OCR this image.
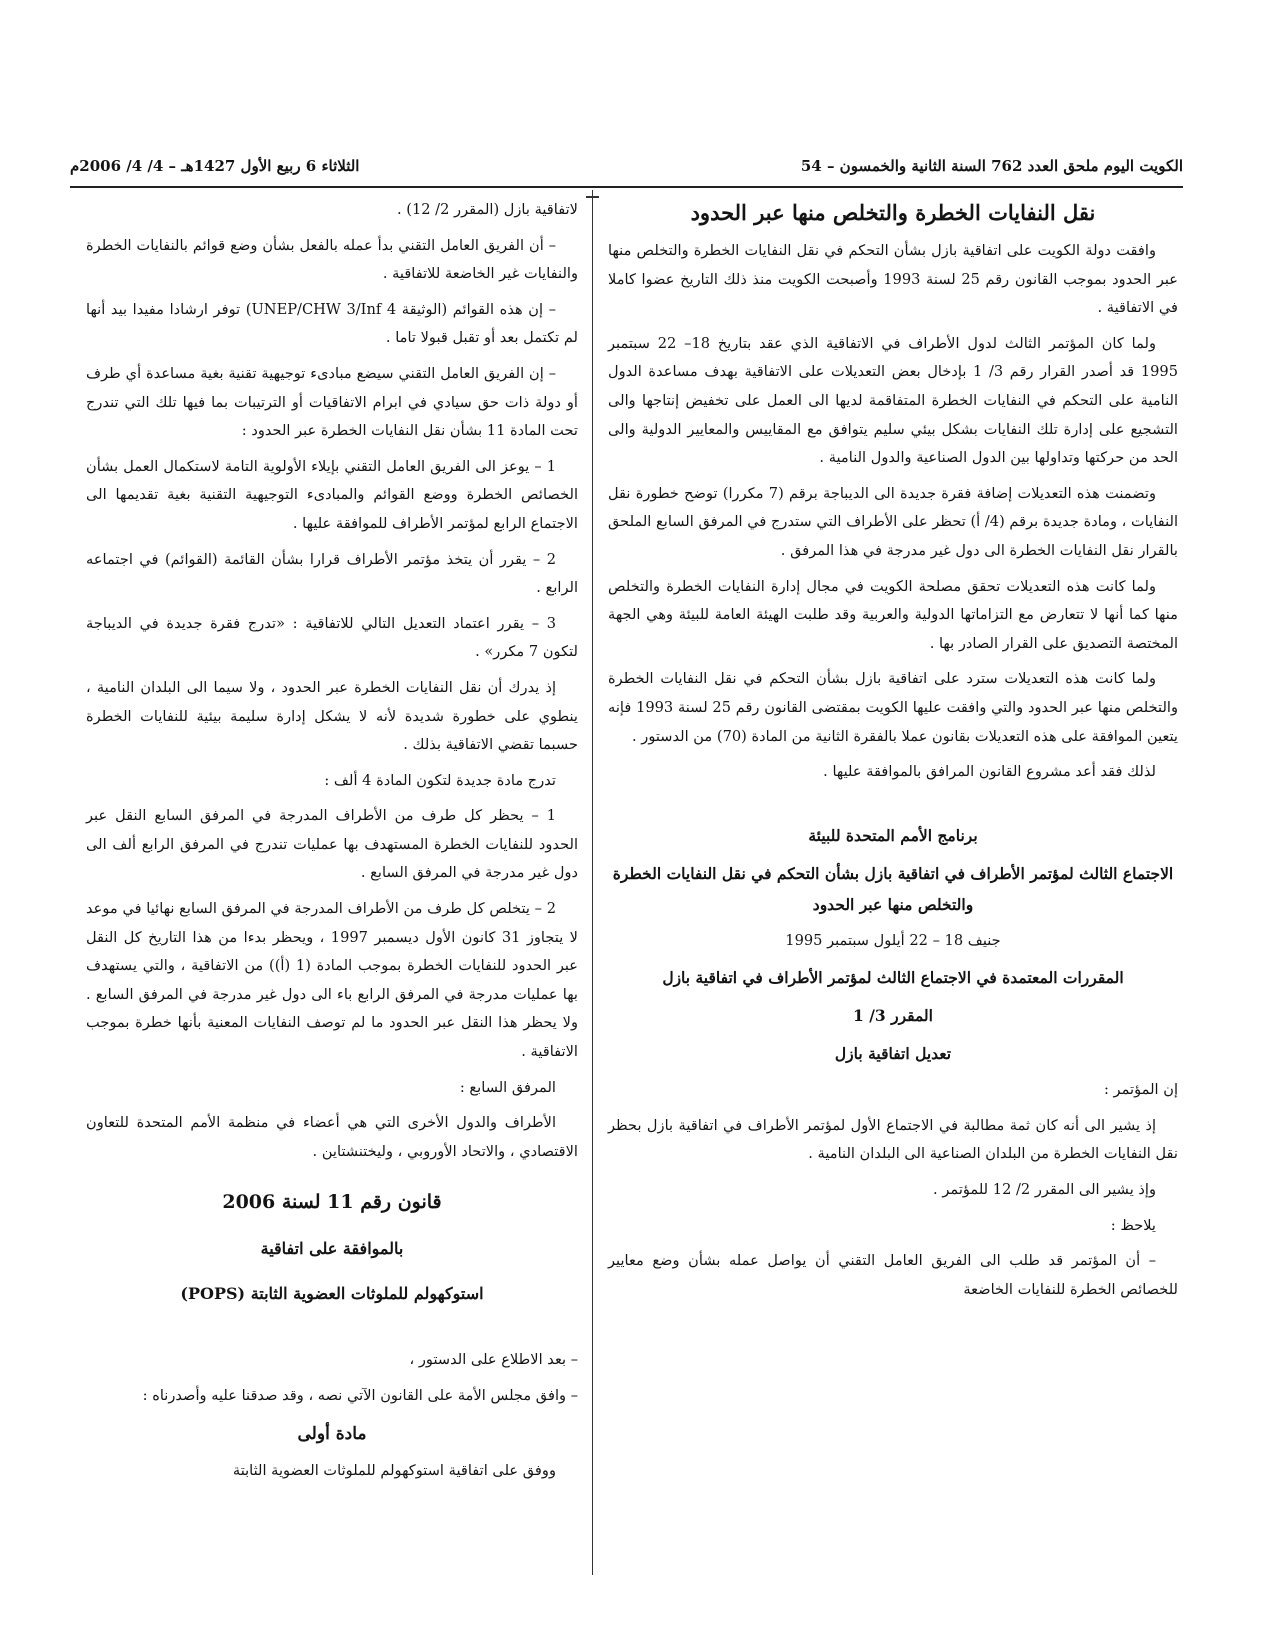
الكويت اليوم ملحق العدد 762 السنة الثانية والخمسون – 54
الثلاثاء 6 ربيع الأول 1427هـ – 4/ 4/ 2006م

نقل النفايات الخطرة والتخلص منها عبر الحدود

وافقت دولة الكويت على اتفاقية بازل بشأن التحكم في نقل النفايات الخطرة والتخلص منها عبر الحدود بموجب القانون رقم 25 لسنة 1993 وأصبحت الكويت منذ ذلك التاريخ عضوا كاملا في الاتفاقية .

ولما كان المؤتمر الثالث لدول الأطراف في الاتفاقية الذي عقد بتاريخ 18– 22 سبتمبر 1995 قد أصدر القرار رقم 3/ 1 بإدخال بعض التعديلات على الاتفاقية بهدف مساعدة الدول النامية على التحكم في النفايات الخطرة المتفاقمة لديها الى العمل على تخفيض إنتاجها والى التشجيع على إدارة تلك النفايات بشكل بيئي سليم يتوافق مع المقاييس والمعايير الدولية والى الحد من حركتها وتداولها بين الدول الصناعية والدول النامية .

وتضمنت هذه التعديلات إضافة فقرة جديدة الى الديباجة برقم (7 مكررا) توضح خطورة نقل النفايات ، ومادة جديدة برقم (4/ أ) تحظر على الأطراف التي ستدرج في المرفق السابع الملحق بالقرار نقل النفايات الخطرة الى دول غير مدرجة في هذا المرفق .

ولما كانت هذه التعديلات تحقق مصلحة الكويت في مجال إدارة النفايات الخطرة والتخلص منها كما أنها لا تتعارض مع التزاماتها الدولية والعربية وقد طلبت الهيئة العامة للبيئة وهي الجهة المختصة التصديق على القرار الصادر بها .

ولما كانت هذه التعديلات سترد على اتفاقية بازل بشأن التحكم في نقل النفايات الخطرة والتخلص منها عبر الحدود والتي وافقت عليها الكويت بمقتضى القانون رقم 25 لسنة 1993 فإنه يتعين الموافقة على هذه التعديلات بقانون عملا بالفقرة الثانية من المادة (70) من الدستور .

لذلك فقد أعد مشروع القانون المرافق بالموافقة عليها .

برنامج الأمم المتحدة للبيئة

الاجتماع الثالث لمؤتمر الأطراف في اتفاقية بازل بشأن التحكم في نقل النفايات الخطرة والتخلص منها عبر الحدود

جنيف 18 – 22 أيلول سبتمبر 1995

المقررات المعتمدة في الاجتماع الثالث لمؤتمر الأطراف في اتفاقية بازل

المقرر 3/ 1

تعديل اتفاقية بازل

إن المؤتمر :

إذ يشير الى أنه كان ثمة مطالبة في الاجتماع الأول لمؤتمر الأطراف في اتفاقية بازل بحظر نقل النفايات الخطرة من البلدان الصناعية الى البلدان النامية .

وإذ يشير الى المقرر 2/ 12 للمؤتمر .

يلاحظ :

– أن المؤتمر قد طلب الى الفريق العامل التقني أن يواصل عمله بشأن وضع معايير للخصائص الخطرة للنفايات الخاضعة

لاتفاقية بازل (المقرر 2/ 12) .

– أن الفريق العامل التقني بدأ عمله بالفعل بشأن وضع قوائم بالنفايات الخطرة والنفايات غير الخاضعة للاتفاقية .

– إن هذه القوائم (الوثيقة UNEP/CHW 3/Inf 4) توفر ارشادا مفيدا بيد أنها لم تكتمل بعد أو تقبل قبولا تاما .

– إن الفريق العامل التقني سيضع مبادىء توجيهية تقنية بغية مساعدة أي طرف أو دولة ذات حق سيادي في ابرام الاتفاقيات أو الترتيبات بما فيها تلك التي تندرج تحت المادة 11 بشأن نقل النفايات الخطرة عبر الحدود :

1 – يوعز الى الفريق العامل التقني بإيلاء الأولوية التامة لاستكمال العمل بشأن الخصائص الخطرة ووضع القوائم والمبادىء التوجيهية التقنية بغية تقديمها الى الاجتماع الرابع لمؤتمر الأطراف للموافقة عليها .

2 – يقرر أن يتخذ مؤتمر الأطراف قرارا بشأن القائمة (القوائم) في اجتماعه الرابع .

3 – يقرر اعتماد التعديل التالي للاتفاقية : «تدرج فقرة جديدة في الديباجة لتكون 7 مكرر» .

إذ يدرك أن نقل النفايات الخطرة عبر الحدود ، ولا سيما الى البلدان النامية ، ينطوي على خطورة شديدة لأنه لا يشكل إدارة سليمة بيئية للنفايات الخطرة حسبما تقضي الاتفاقية بذلك .

تدرج مادة جديدة لتكون المادة 4 ألف :

1 – يحظر كل طرف من الأطراف المدرجة في المرفق السابع النقل عبر الحدود للنفايات الخطرة المستهدف بها عمليات تندرج في المرفق الرابع ألف الى دول غير مدرجة في المرفق السابع .

2 – يتخلص كل طرف من الأطراف المدرجة في المرفق السابع نهائيا في موعد لا يتجاوز 31 كانون الأول ديسمبر 1997 ، ويحظر بدءا من هذا التاريخ كل النقل عبر الحدود للنفايات الخطرة بموجب المادة (1 (أ)) من الاتفاقية ، والتي يستهدف بها عمليات مدرجة في المرفق الرابع باء الى دول غير مدرجة في المرفق السابع . ولا يحظر هذا النقل عبر الحدود ما لم توصف النفايات المعنية بأنها خطرة بموجب الاتفاقية .

المرفق السابع :

الأطراف والدول الأخرى التي هي أعضاء في منظمة الأمم المتحدة للتعاون الاقتصادي ، والاتحاد الأوروبي ، وليختنشتاين .

قانون رقم 11 لسنة 2006

بالموافقة على اتفاقية

استوكهولم للملوثات العضوية الثابتة (POPS)

– بعد الاطلاع على الدستور ،

– وافق مجلس الأمة على القانون الآتي نصه ، وقد صدقنا عليه وأصدرناه :

مادة أولى

ووفق على اتفاقية استوكهولم للملوثات العضوية الثابتة
